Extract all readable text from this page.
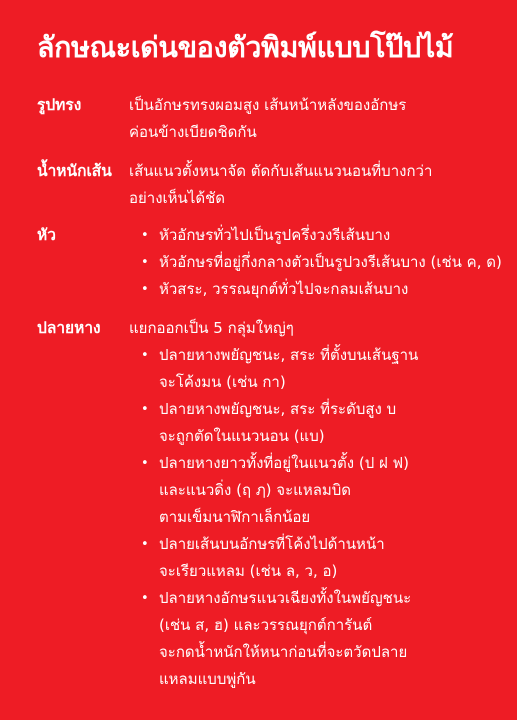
ลักษณะเด่นของตัวพิมพ์แบบโป๊ปไม้
รูปทรง	เป็นอักษรทรงผอมสูง เส้นหน้าหลังของอักษร
ค่อนข้างเบียดชิดกัน

น้ำหนักเส้น	เส้นแนวตั้งหนาจัด ตัดกับเส้นแนวนอนที่บางกว่า
อย่างเห็นได้ชัด

หัว	• หัวอักษรทั่วไปเป็นรูปครึ่งวงรีเส้นบาง
• หัวอักษรที่อยู่กึ่งกลางตัวเป็นรูปวงรีเส้นบาง (เช่น ค, ด)
• หัวสระ, วรรณยุกต์ทั่วไปจะกลมเส้นบาง
ปลายหาง	แยกออกเป็น 5 กลุ่มใหญ่ๆ

• ปลายหางพยัญชนะ, สระ ที่ตั้งบนเส้นฐาน
จะโค้งมน (เช่น กา)
• ปลายหางพยัญชนะ, สระ ที่ระดับสูง บ
จะถูกตัดในแนวนอน (แบ)
• ปลายหางยาวทั้งที่อยู่ในแนวตั้ง (ป ฝ ฟ)
และแนวดิ่ง (ฤ ฦ) จะแหลมบิด
ตามเข็มนาฬิกาเล็กน้อย
• ปลายเส้นบนอักษรที่โค้งไปด้านหน้า
จะเรียวแหลม (เช่น ล, ว, อ)
• ปลายหางอักษรแนวเฉียงทั้งในพยัญชนะ
(เช่น ส, ฮ) และวรรณยุกต์การันต์
จะกดน้ำหนักให้หนาก่อนที่จะตวัดปลาย
แหลมแบบพู่กัน
